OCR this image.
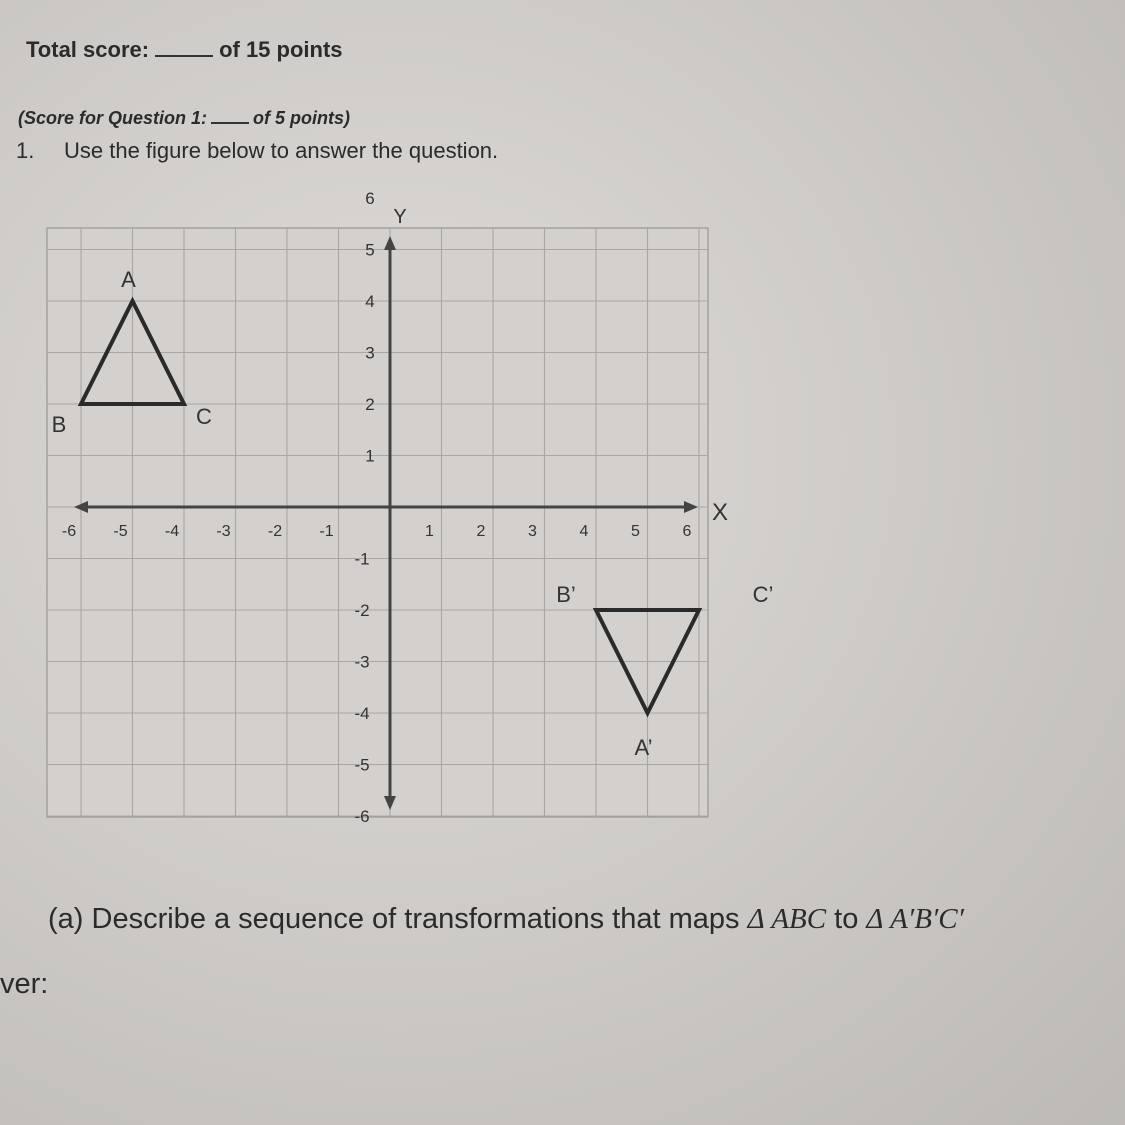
Total score:	of 15 points
(Score for Question 1:	of 5 points)
1. Use the figure below to answer the question.
X
Y
-6 -5 -4 -3 -2 -1	1	2	3	4	5	6
6
5
4
3
2
1
-1
-2
-3
-4
-5
-6
A
B	C
A’
B’	C’
(a) Describe a sequence of transformations that maps Δ ABC to Δ A′B′C′
ver:
